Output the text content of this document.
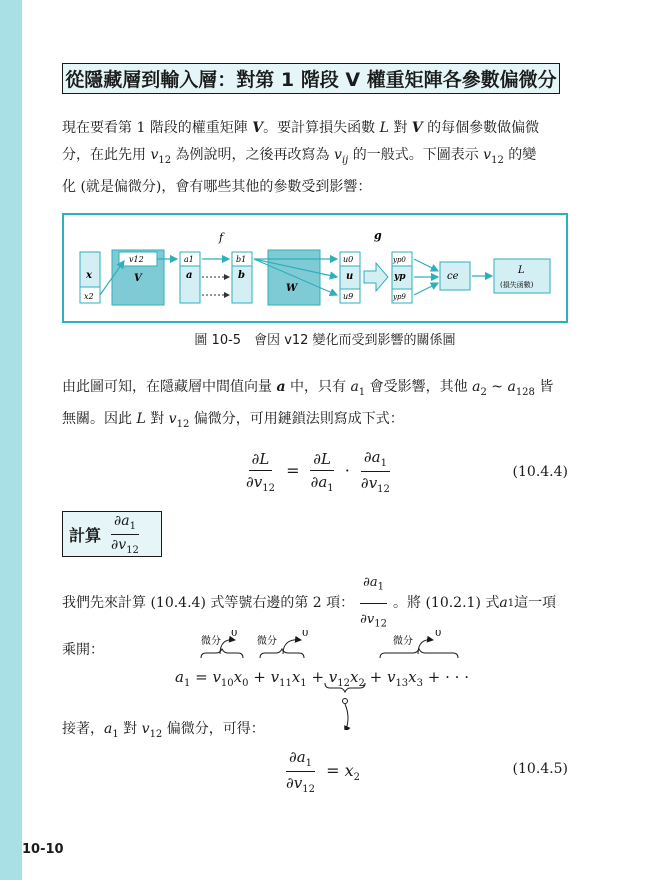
從隱藏層到輸入層：對第 1 階段 V 權重矩陣各參數偏微分
現在要看第 1 階段的權重矩陣 V。要計算損失函數 L 對 V 的每個參數做偏微
分，在此先用 $v_{12}$ 為例說明，之後再改寫為 $v_{ij}$ 的一般式。下圖表示 $v_{12}$ 的變
化 (就是偏微分)，會有哪些其他的參數受到影響：
f	g
x
x2
v12
V
a1
a
b1
b
W
u0
u
u9
yp0
yp
yp9
ce
L
(損失函數)
圖 10-5　會因 v12 變化而受到影響的關係圖
由此圖可知，在隱藏層中間值向量 a 中，只有 $a_1$ 會受影響，其他 $a_2$ ~ $a_{128}$ 皆
無關。因此 L 對 $v_{12}$ 偏微分，可用鏈鎖法則寫成下式：
$\frac{\partial L}{\partial v_{12}} = \frac{\partial L}{\partial a_1} \cdot \frac{\partial a_1}{\partial v_{12}}$	(10.4.4)
計算 $\frac{\partial a_1}{\partial v_{12}}$
我們先來計算 (10.4.4) 式等號右邊的第 2 項： $\frac{\partial a_1}{\partial v_{12}}$ 。將 (10.2.1) 式 a 1 這一項
乘開：
微分
0
微分
0
微分
0
$a_1 = v_{10}x_0 + v_{11}x_1 + v_{12}x_2 + v_{13}x_3$ + · · ·
接著，$a_1$ 對 $v_{12}$ 偏微分，可得：
$\frac{\partial a_1}{\partial v_{12}} = x_2$
(10.4.5)
10-10
